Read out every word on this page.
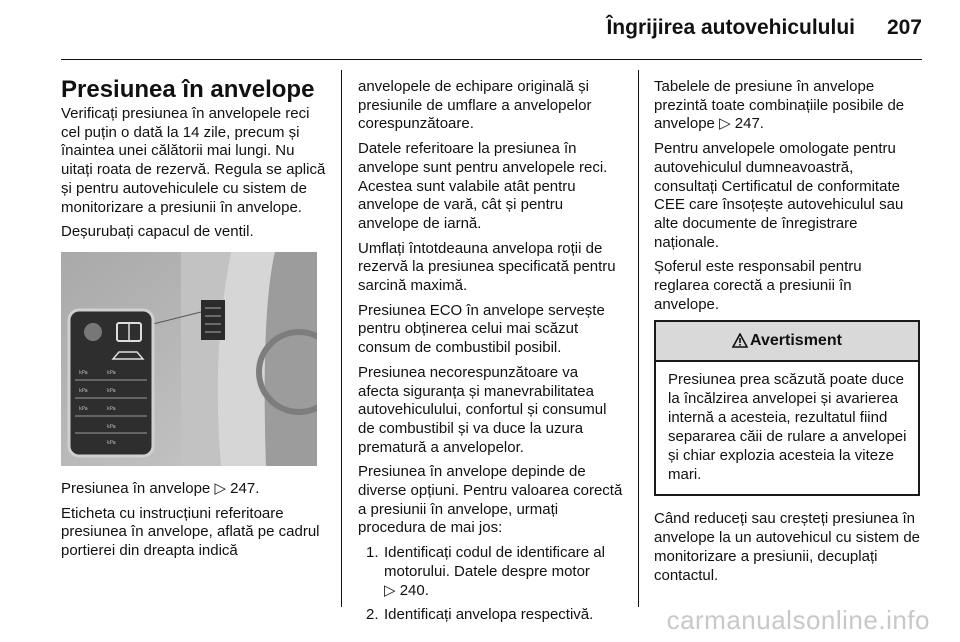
Îngrijirea autovehiculului 207
Presiunea în anvelope

Verificați presiunea în anvelopele reci cel puțin o dată la 14 zile, precum și înaintea unei călătorii mai lungi. Nu uitați roata de rezervă. Regula se aplică și pentru autovehiculele cu sistem de monitorizare a presiunii în anvelope.

Deșurubați capacul de ventil.

kPa	kPa
kPa	kPa
kPa	kPa
kPa
kPa

Presiunea în anvelope ▷ 247.

Eticheta cu instrucțiuni referitoare presiunea în anvelope, aflată pe cadrul portierei din dreapta indică

anvelopele de echipare originală și presiunile de umflare a anvelopelor corespunzătoare.

Datele referitoare la presiunea în anvelope sunt pentru anvelopele reci. Acestea sunt valabile atât pentru anvelope de vară, cât și pentru anvelope de iarnă.

Umflați întotdeauna anvelopa roții de rezervă la presiunea specificată pentru sarcină maximă.

Presiunea ECO în anvelope servește pentru obținerea celui mai scăzut consum de combustibil posibil.

Presiunea necorespunzătoare va afecta siguranța și manevrabilitatea autovehiculului, confortul și consumul de combustibil și va duce la uzura prematură a anvelopelor.

Presiunea în anvelope depinde de diverse opțiuni. Pentru valoarea corectă a presiunii în anvelope, urmați procedura de mai jos:

1. Identificați codul de identificare al motorului. Datele despre motor ▷ 240.
2. Identificați anvelopa respectivă.

Tabelele de presiune în anvelope prezintă toate combinațiile posibile de anvelope ▷ 247.

Pentru anvelopele omologate pentru autovehiculul dumneavoastră, consultați Certificatul de conformitate CEE care însoțește autovehiculul sau alte documente de înregistrare naționale.

Șoferul este responsabil pentru reglarea corectă a presiunii în anvelope.

Avertisment
Presiunea prea scăzută poate duce la încălzirea anvelopei și avarierea internă a acesteia, rezultatul fiind separarea căii de rulare a anvelopei și chiar explozia acesteia la viteze mari.

Când reduceți sau creșteți presiunea în anvelope la un autovehicul cu sistem de monitorizare a presiunii, decuplați contactul.

carmanualsonline.info
